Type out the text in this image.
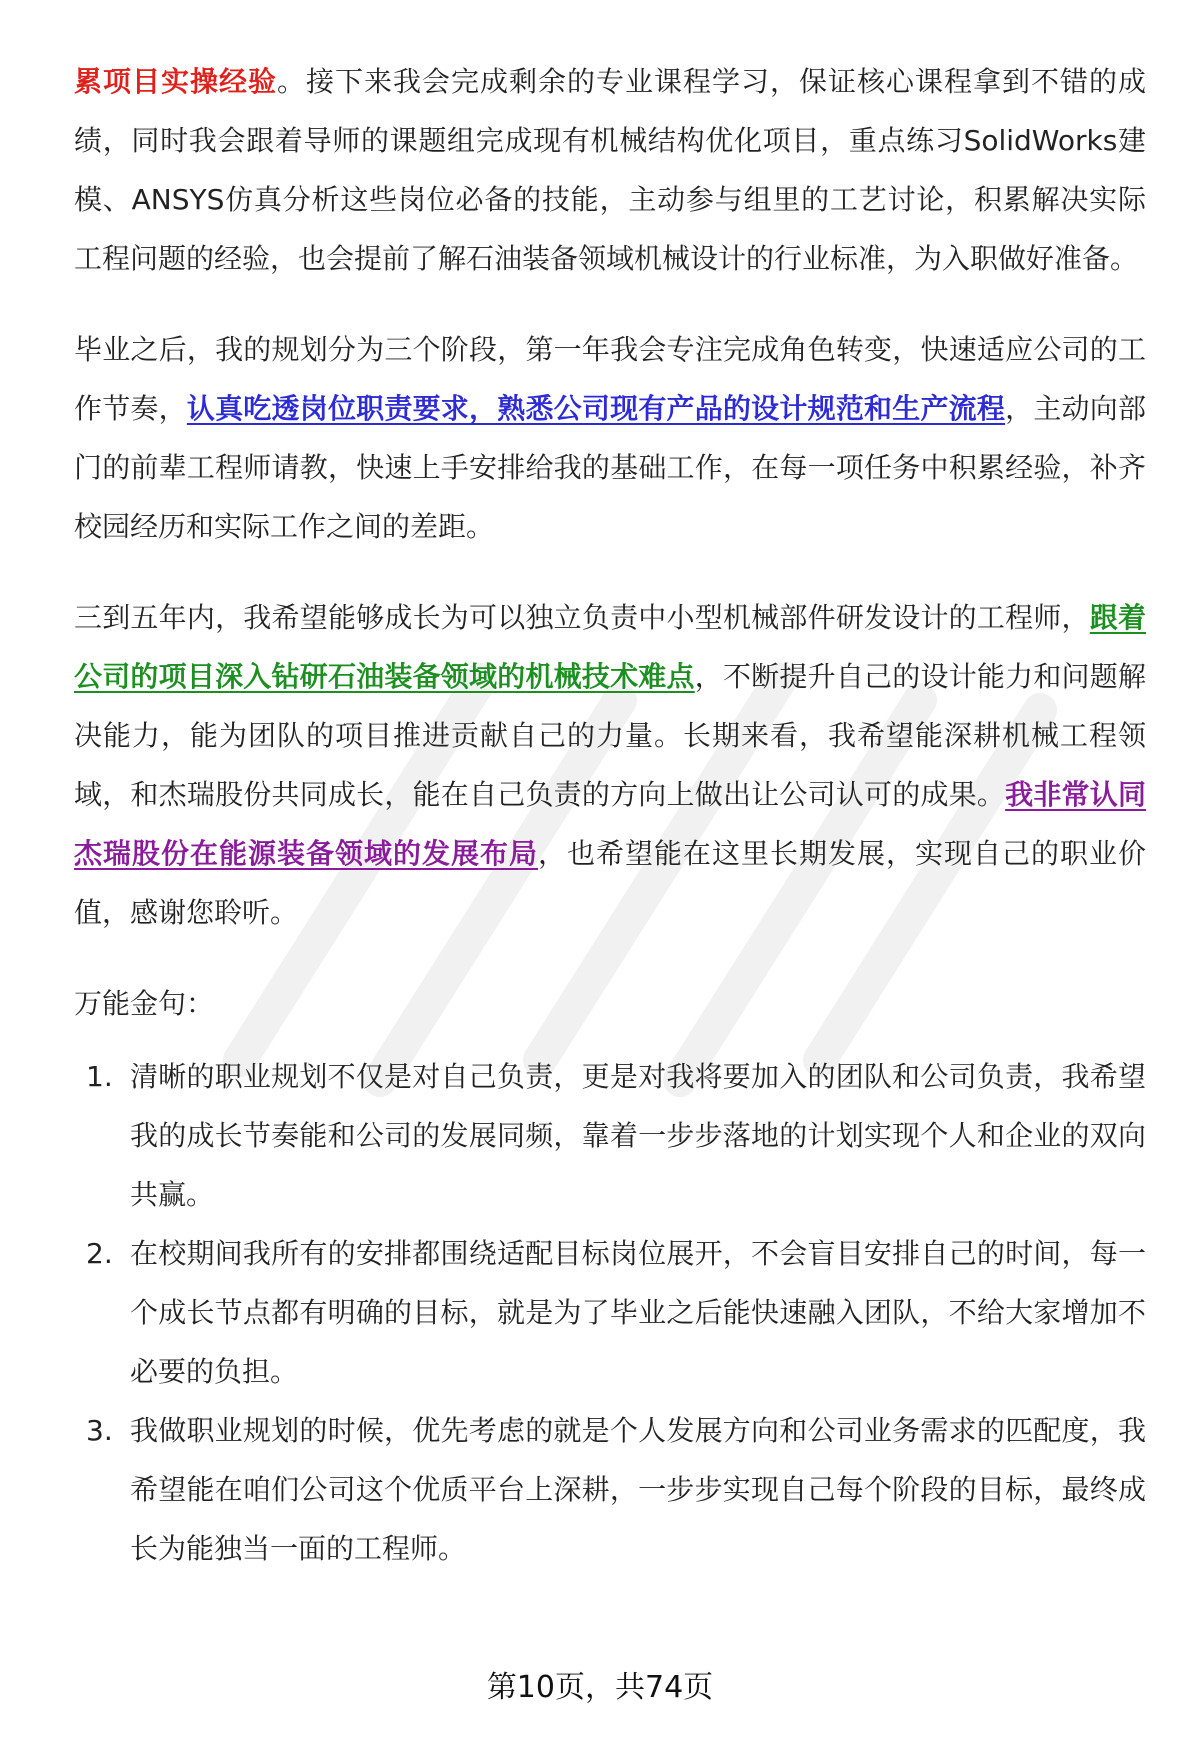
累项目实操经验。接下来我会完成剩余的专业课程学习，保证核心课程拿到不错的成绩，同时我会跟着导师的课题组完成现有机械结构优化项目，重点练习SolidWorks建模、ANSYS仿真分析这些岗位必备的技能，主动参与组里的工艺讨论，积累解决实际工程问题的经验，也会提前了解石油装备领域机械设计的行业标准，为入职做好准备。

毕业之后，我的规划分为三个阶段，第一年我会专注完成角色转变，快速适应公司的工作节奏，认真吃透岗位职责要求，熟悉公司现有产品的设计规范和生产流程，主动向部门的前辈工程师请教，快速上手安排给我的基础工作，在每一项任务中积累经验，补齐校园经历和实际工作之间的差距。

三到五年内，我希望能够成长为可以独立负责中小型机械部件研发设计的工程师，跟着公司的项目深入钻研石油装备领域的机械技术难点，不断提升自己的设计能力和问题解决能力，能为团队的项目推进贡献自己的力量。长期来看，我希望能深耕机械工程领域，和杰瑞股份共同成长，能在自己负责的方向上做出让公司认可的成果。我非常认同杰瑞股份在能源装备领域的发展布局，也希望能在这里长期发展，实现自己的职业价值，感谢您聆听。

万能金句：

1. 清晰的职业规划不仅是对自己负责，更是对我将要加入的团队和公司负责，我希望我的成长节奏能和公司的发展同频，靠着一步步落地的计划实现个人和企业的双向共赢。
2. 在校期间我所有的安排都围绕适配目标岗位展开，不会盲目安排自己的时间，每一个成长节点都有明确的目标，就是为了毕业之后能快速融入团队，不给大家增加不必要的负担。
3. 我做职业规划的时候，优先考虑的就是个人发展方向和公司业务需求的匹配度，我希望能在咱们公司这个优质平台上深耕，一步步实现自己每个阶段的目标，最终成长为能独当一面的工程师。
第10页，共74页
